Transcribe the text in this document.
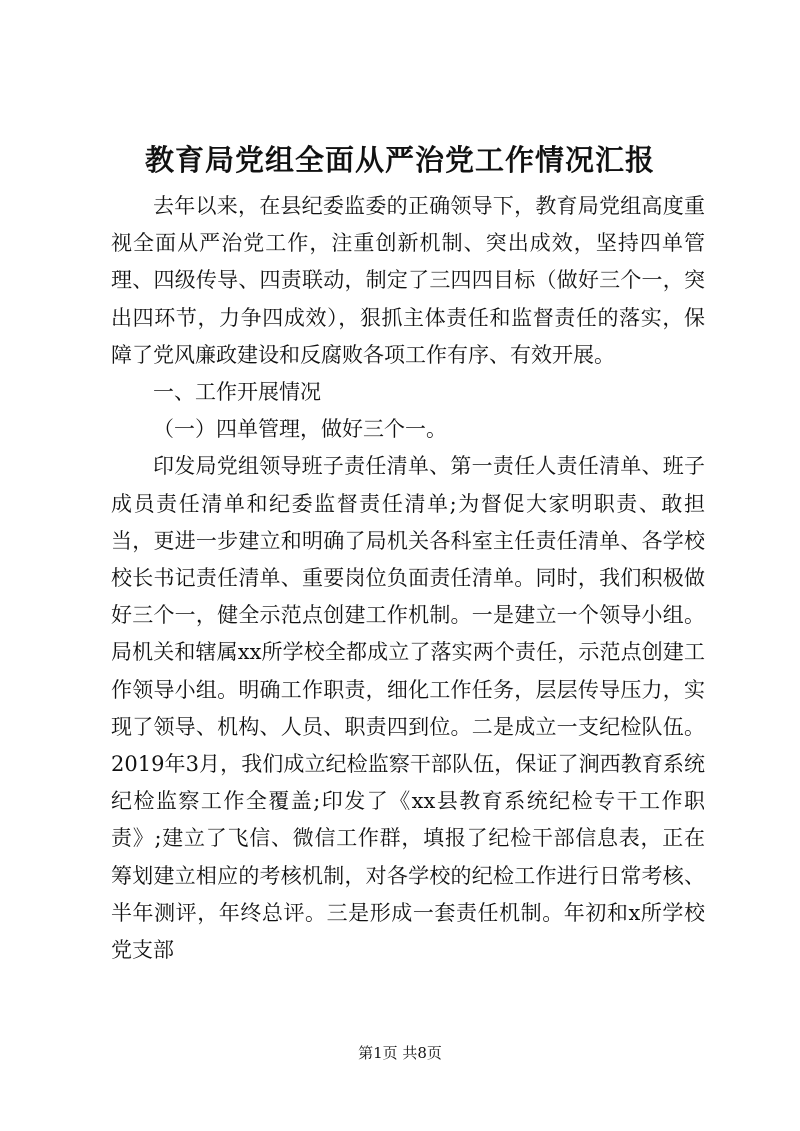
教育局党组全面从严治党工作情况汇报

去年以来，在县纪委监委的正确领导下，教育局党组高度重视全面从严治党工作，注重创新机制、突出成效，坚持四单管理、四级传导、四责联动，制定了三四四目标（做好三个一，突出四环节，力争四成效），狠抓主体责任和监督责任的落实，保障了党风廉政建设和反腐败各项工作有序、有效开展。

一、工作开展情况

（一）四单管理，做好三个一。

印发局党组领导班子责任清单、第一责任人责任清单、班子成员责任清单和纪委监督责任清单;为督促大家明职责、敢担当，更进一步建立和明确了局机关各科室主任责任清单、各学校校长书记责任清单、重要岗位负面责任清单。同时，我们积极做好三个一，健全示范点创建工作机制。一是建立一个领导小组。局机关和辖属xx所学校全都成立了落实两个责任，示范点创建工作领导小组。明确工作职责，细化工作任务，层层传导压力，实现了领导、机构、人员、职责四到位。二是成立一支纪检队伍。2019年3月，我们成立纪检监察干部队伍，保证了涧西教育系统纪检监察工作全覆盖;印发了《xx县教育系统纪检专干工作职责》;建立了飞信、微信工作群，填报了纪检干部信息表，正在筹划建立相应的考核机制，对各学校的纪检工作进行日常考核、半年测评，年终总评。三是形成一套责任机制。年初和x所学校党支部

第1页 共8页
